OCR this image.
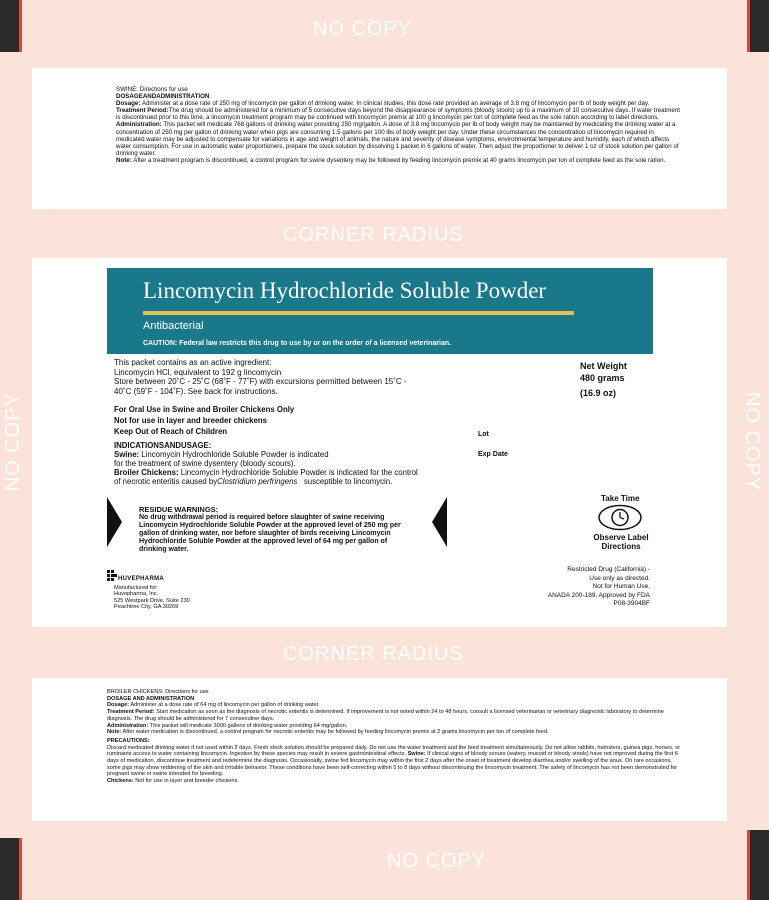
NO COPY
CORNER RADIUS
CORNER RADIUS
NO COPY
NO COPY	NO COPY

SWINE: Directions for use

DOSAGEANDADMINISTRATION

Dosage: Administer at a dose rate of 250 mg of lincomycin per gallon of drinking water. In clinical studies, this dose rate provided an average of 3.8 mg of lincomycin per lb of body weight per day.

Treatment Period:The drug should be administered for a minimum of 5 consecutive days beyond the disappearance of symptoms (bloody stools) up to a maximum of 10 consecutive days. If water treatment is discontinued prior to this time, a lincomycin treatment program may be continued with lincomycin premix at 100 g lincomycin per ton of complete feed as the sole ration according to label directions.

Administration: This packet will medicate 768 gallons of drinking water providing 250 mg/gallon. A dose of 3.8 mg lincomycin per lb of body weight may be maintained by medicating the drinking water at a concentration of 250 mg per gallon of drinking water when pigs are consuming 1.5 gallons per 100 lbs of body weight per day. Under these circumstances the concentration of lincomycin required in medicated water may be adjusted to compensate for variations in age and weight of animals, the nature and severity of disease symptoms, environmental temperature and humidity, each of which affects water consumption. For use in automatic water proportioners, prepare the stock solution by dissolving 1 packet in 6 gallons of water. Then adjust the proportioner to deliver 1 oz of stock solution per gallon of drinking water.

Note: After a treatment program is discontinued, a control program for swine dysentery may be followed by feeding lincomycin premix at 40 grams lincomycin per ton of complete feed as the sole ration.

Lincomycin Hydrochloride Soluble Powder
Antibacterial
CAUTION: Federal law restricts this drug to use by or on the order of a licensed veterinarian.
This packet contains as an active ingredient:
Lincomycin HCl, equivalent to 192 g lincomycin
Store between 20˚C - 25˚C (68˚F - 77˚F) with excursions permitted between 15˚C -
40˚C (59˚F - 104˚F). See back for instructions.
Net Weight
480 grams
(16.9 oz)
For Oral Use in Swine and Broiler Chickens Only
Not for use in layer and breeder chickens
Keep Out of Reach of Children
INDICATIONSANDUSAGE:
Swine: Lincomycin Hydrochloride Soluble Powder is indicated
for the treatment of swine dysentery (bloody scours).
Broiler Chickens: Lincomycin Hydrochloride Soluble Powder is indicated for the control
of necrotic enteritis caused byClostridium perfringens susceptible to lincomycin.
Lot
Exp Date
RESIDUE WARNINGS:
No drug withdrawal period is required before slaughter of swine receiving
Lincomycin Hydrochloride Soluble Powder at the approved level of 250 mg per
gallon of drinking water, nor before slaughter of birds receiving Lincomycin
Hydrochloride Soluble Powder at the approved level of 64 mg per gallon of
drinking water.
Take Time
Observe Label
Directions
HUVEPHARMA
Manufactured for:
Huvepharma, Inc.
525 Westpark Drive, Suite 230
Peachtree City, GA 30269
Restricted Drug (California) -
Use only as directed.
Not for Human Use.
ANADA 200-189, Approved by FDA
P08-3904BF

BROILER CHICKENS: Directions for use

DOSAGE AND ADMINISTRATION

Dosage: Administer at a dose rate of 64 mg of lincomycin per gallon of drinking water.

Treatment Period: Start medication as soon as the diagnosis of necrotic enteritis is determined. If improvement is not noted within 24 to 48 hours, consult a licensed veterinarian or veterinary diagnostic laboratory to determine diagnosis. The drug should be administered for 7 consecutive days.

Administration: This packet will medicate 3000 gallons of drinking water providing 64 mg/gallon.

Note: After water medication is discontinued, a control program for necrotic enteritis may be followed by feeding lincomycin premix at 2 grams lincomycin per ton of complete feed.

PRECAUTIONS:

Discard medicated drinking water if not used within 2 days. Fresh stock solution should be prepared daily. Do not use the water treatment and the feed treatment simultaneously. Do not allow rabbits, hamsters, guinea pigs, horses, or ruminants access to water containing lincomycin. Ingestion by these species may result in severe gastrointestinal effects. Swine: If clinical signs of bloody scours (watery, mucoid or bloody stools) have not improved during the first 6 days of medication, discontinue treatment and redetermine the diagnosis. Occasionally, swine fed lincomycin may within the first 2 days after the onset of treatment develop diarrhea and/or swelling of the anus. On rare occasions, some pigs may show reddening of the skin and irritable behavior. These conditions have been self-correcting within 5 to 8 days without discontinuing the lincomycin treatment. The safety of lincomycin has not been demonstrated for pregnant swine or swine intended for breeding.

Chickens: Not for use in layer and breeder chickens.
